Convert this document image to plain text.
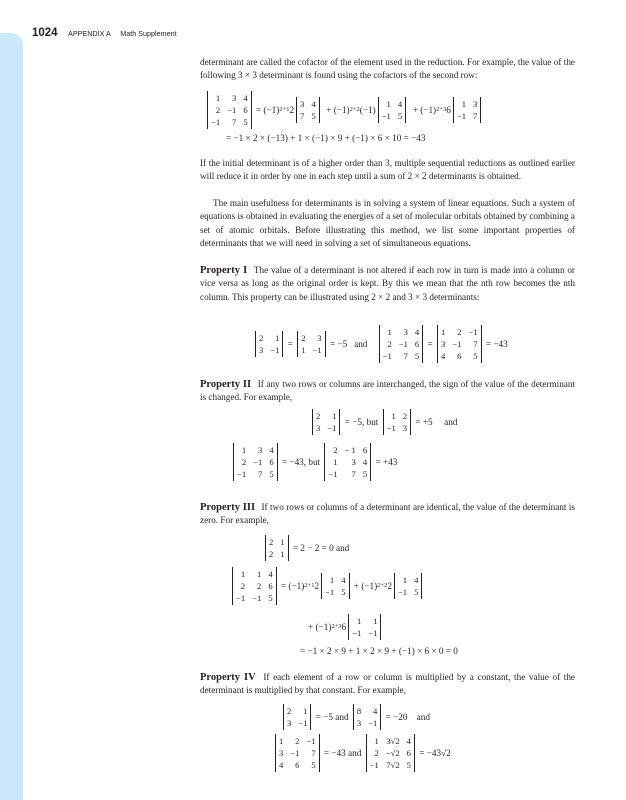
1024 APPENDIX A Math Supplement
determinant are called the cofactor of the element used in the reduction. For example, the value of the following 3 × 3 determinant is found using the cofactors of the second row:
1	3 4
2 −1 6
−1	7 5
= (−1) 2+1 2
3 4
7 5
+ (−1) 2+2 (−1)
1 4
−1 5
+ (−1) 2+3 6
1 3
−1 7
= −1 × 2 × (−13) + 1 × (−1) × 9 + (−1) × 6 × 10 = −43
If the initial determinant is of a higher order than 3, multiple sequential reductions as outlined earlier will reduce it in order by one in each step until a sum of 2 × 2 determinants is obtained.
The main usefulness for determinants is in solving a system of linear equations. Such a system of equations is obtained in evaluating the energies of a set of molecular orbitals obtained by combining a set of atomic orbitals. Before illustrating this method, we list some important properties of determinants that we will need in solving a set of simultaneous equations.
Property I The value of a determinant is not altered if each row in turn is made into a column or vice versa as long as the original order is kept. By this we mean that the nth row becomes the nth column. This property can be illustrated using 2 × 2 and 3 × 3 determinants:
2	1
3 −1
=
2	3
1 −1
= −5   and
1	3 4
2 −1 6
−1	7 5
=
1	2 −1
3 −1	7
4	6	5
= −43
Property II If any two rows or columns are interchanged, the sign of the value of the determinant is changed. For example,
2	1
3 −1
= −5, but
1 2
−1 3
= +5     and
1	3 4
2 −1 6
−1	7 5
= −43, but
2 − 1 6
1	3 4
−1	7 5
= +43
Property III If two rows or columns of a determinant are identical, the value of the determinant is zero. For example,
2 1
2 1
= 2 − 2 = 0 and
1	1 4
2	2 6
−1 −1 5
= (−1) 2+1 2
1 4
−1 5
+ (−1) 2+2 2
1 4
−1 5
+ (−1) 2+3 6
1	1
−1 −1
= −1 × 2 × 9 + 1 × 2 × 9 + (−1) × 6 × 0 = 0
Property IV If each element of a row or column is multiplied by a constant, the value of the determinant is multiplied by that constant. For example,
2	1
3 −1
= −5 and
8	4
3 −1
= −20    and
1	2 −1
3 −1	7
4	6	5
= −43 and
1 3√2 4
2 −√2 6
−1 7√2 5
= −43√2
